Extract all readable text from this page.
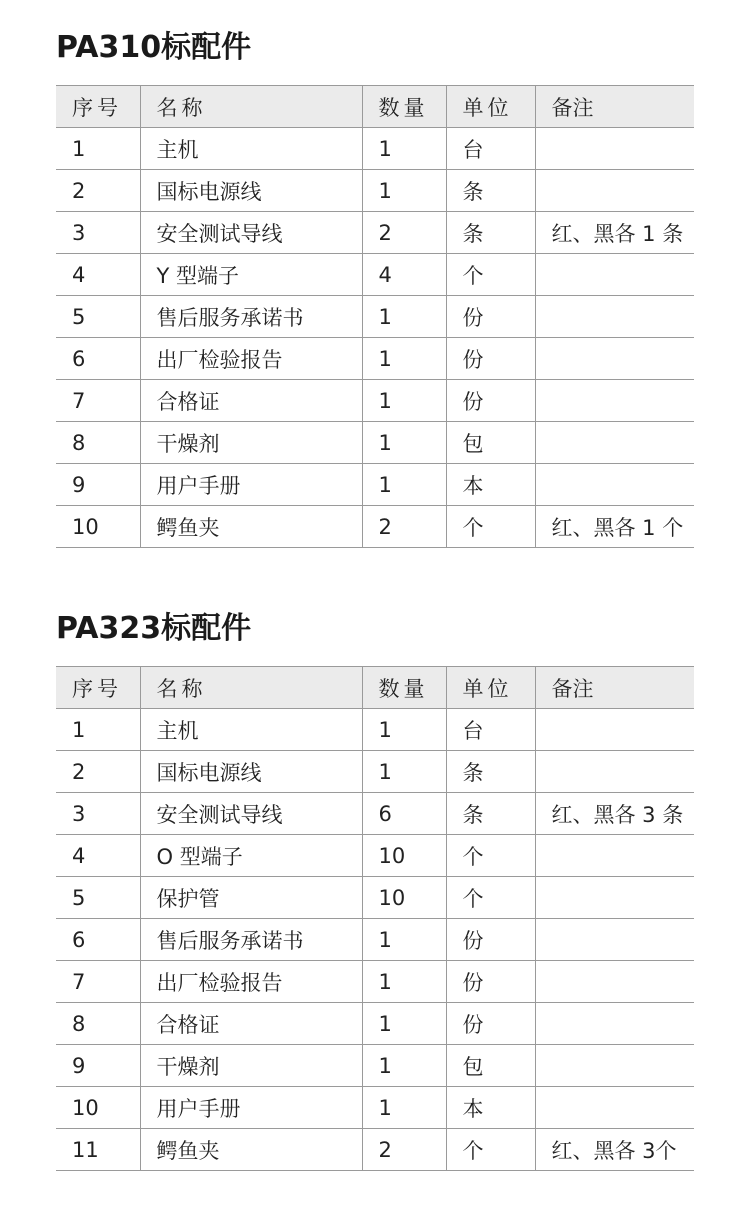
PA310标配件
序号	名称	数量	单位	备注
1	主机	1	台	
2	国标电源线	1	条	
3	安全测试导线	2	条	红、黑各 1 条
4	Y 型端子	4	个	
5	售后服务承诺书	1	份	
6	出厂检验报告	1	份	
7	合格证	1	份	
8	干燥剂	1	包	
9	用户手册	1	本	
10	鳄鱼夹	2	个	红、黑各 1 个
PA323标配件
序号	名称	数量	单位	备注
1	主机	1	台	
2	国标电源线	1	条	
3	安全测试导线	6	条	红、黑各 3 条
4	O 型端子	10	个	
5	保护管	10	个	
6	售后服务承诺书	1	份	
7	出厂检验报告	1	份	
8	合格证	1	份	
9	干燥剂	1	包	
10	用户手册	1	本	
11	鳄鱼夹	2	个	红、黑各 3个
